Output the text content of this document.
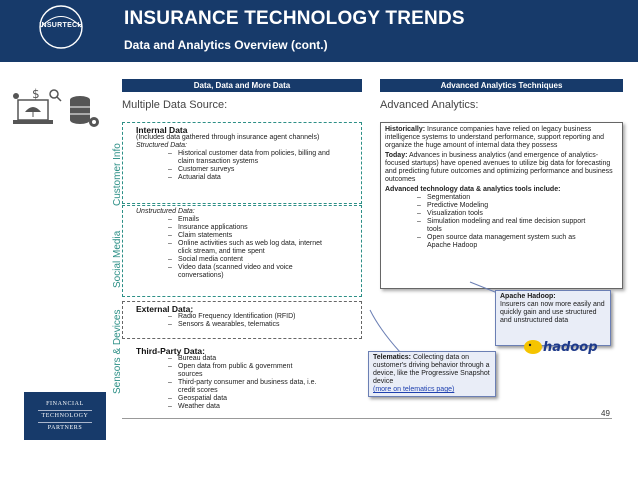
INSURTECH	INSURANCE TECHNOLOGY TRENDS
Data and Analytics Overview (cont.)
$
Data, Data and More Data	Advanced Analytics Techniques
Multiple Data Source:	Advanced Analytics:
Customer Info
Social Media
Sensors & Devices
Internal Data
(Includes data gathered through insurance agent channels)
Structured Data:
– Historical customer data from policies, billing and
claim transaction systems
– Customer surveys
– Actuarial data
Unstructured Data:
– Emails
– Insurance applications
– Claim statements
– Online activities such as web log data, internet
click stream, and time spent
– Social media content
– Video data (scanned video and voice
conversations)
External Data:
– Radio Frequency Identification (RFID)
– Sensors & wearables, telematics
Third-Party Data:
– Bureau data
– Open data from public & government
sources
– Third-party consumer and business data, i.e.
credit scores
– Geospatial data
– Weather data
Historically: Insurance companies have relied on legacy business intelligence systems to understand performance, support reporting and organize the huge amount of internal data they possess
Today: Advances in business analytics (and emergence of analytics-focused startups) have opened avenues to utilize big data for forecasting and predicting future outcomes and optimizing performance and business outcomes
Advanced technology data & analytics tools include:
– Segmentation
– Predictive Modeling
– Visualization tools
– Simulation modeling and real time decision support
tools
– Open source data management system such as
Apache Hadoop
Apache Hadoop:
Insurers can now more easily and quickly gain and use structured and unstructured data
hadoop
Telematics: Collecting data on customer's driving behavior through a device, like the Progressive Snapshot device
(more on telematics page)
FINANCIAL
TECHNOLOGY
PARTNERS
49
